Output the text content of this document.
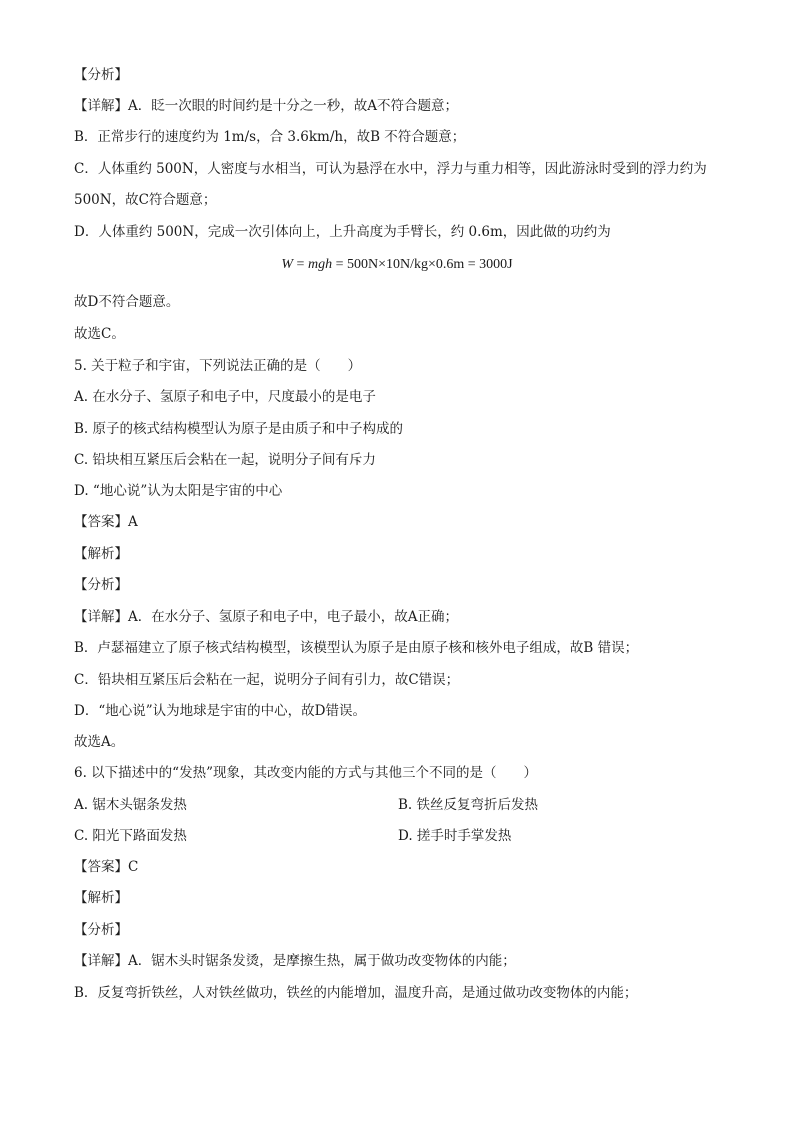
【分析】
【详解】A．眨一次眼的时间约是十分之一秒，故A不符合题意；
B．正常步行的速度约为 1m/s，合 3.6km/h，故B 不符合题意；
C．人体重约 500N，人密度与水相当，可认为悬浮在水中，浮力与重力相等，因此游泳时受到的浮力约为
500N，故C符合题意；
D．人体重约 500N，完成一次引体向上，上升高度为手臂长，约 0.6m，因此做的功约为
W = mgh = 500N×10N/kg×0.6m = 3000J
故D不符合题意。
故选C。
5. 关于粒子和宇宙，下列说法正确的是（　　）
A. 在水分子、氢原子和电子中，尺度最小的是电子
B. 原子的核式结构模型认为原子是由质子和中子构成的
C. 铅块相互紧压后会粘在一起，说明分子间有斥力
D. “地心说”认为太阳是宇宙的中心
【答案】A
【解析】
【分析】
【详解】A．在水分子、氢原子和电子中，电子最小，故A正确；
B．卢瑟福建立了原子核式结构模型，该模型认为原子是由原子核和核外电子组成，故B 错误；
C．铅块相互紧压后会粘在一起，说明分子间有引力，故C错误；
D．“地心说”认为地球是宇宙的中心，故D错误。
故选A。
6. 以下描述中的“发热”现象，其改变内能的方式与其他三个不同的是（　　）
A. 锯木头锯条发热	B. 铁丝反复弯折后发热
C. 阳光下路面发热	D. 搓手时手掌发热
【答案】C
【解析】
【分析】
【详解】A．锯木头时锯条发烫，是摩擦生热，属于做功改变物体的内能；
B．反复弯折铁丝，人对铁丝做功，铁丝的内能增加，温度升高，是通过做功改变物体的内能；
